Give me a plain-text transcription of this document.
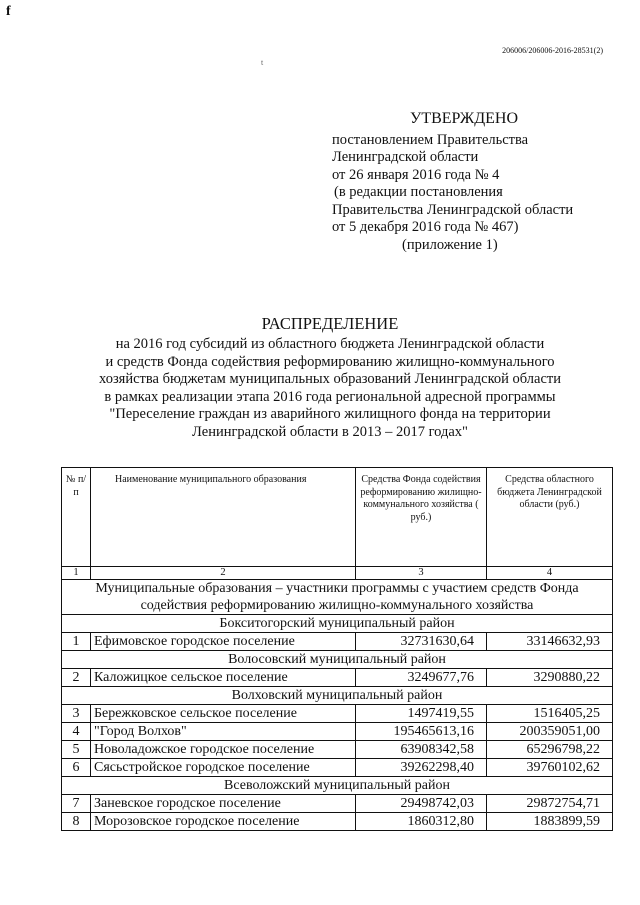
f
206006/206006-2016-28531(2)
t
УТВЕРЖДЕНО
постановлением Правительства
Ленинградской области
от 26 января 2016 года № 4
(в редакции постановления
Правительства Ленинградской области
от 5 декабря 2016 года № 467)
(приложение 1)
РАСПРЕДЕЛЕНИЕ
на 2016 год субсидий из областного бюджета Ленинградской области
и средств Фонда содействия реформированию жилищно-коммунального
хозяйства бюджетам муниципальных образований Ленинградской области
в рамках реализации этапа 2016 года региональной адресной программы
"Переселение граждан из аварийного жилищного фонда на территории
Ленинградской области в 2013 – 2017 годах"
№ п/п	Наименование муниципального образования	Средства Фонда содействия реформированию жилищно-коммунального хозяйства ( руб.)	Средства областного бюджета Ленинградской области (руб.)
1	2	3	4
Муниципальные образования – участники программы с участием средств Фонда содействия реформированию жилищно-коммунального хозяйства			
Бокситогорский муниципальный район			
1	Ефимовское городское поселение	32731630,64	33146632,93
Волосовский муниципальный район			
2	Каложицкое сельское поселение	3249677,76	3290880,22
Волховский муниципальный район			
3	Бережковское сельское поселение	1497419,55	1516405,25
4	"Город Волхов"	195465613,16	200359051,00
5	Новоладожское городское поселение	63908342,58	65296798,22
6	Сясьстройское городское поселение	39262298,40	39760102,62
Всеволожский муниципальный район			
7	Заневское городское поселение	29498742,03	29872754,71
8	Морозовское городское поселение	1860312,80	1883899,59
